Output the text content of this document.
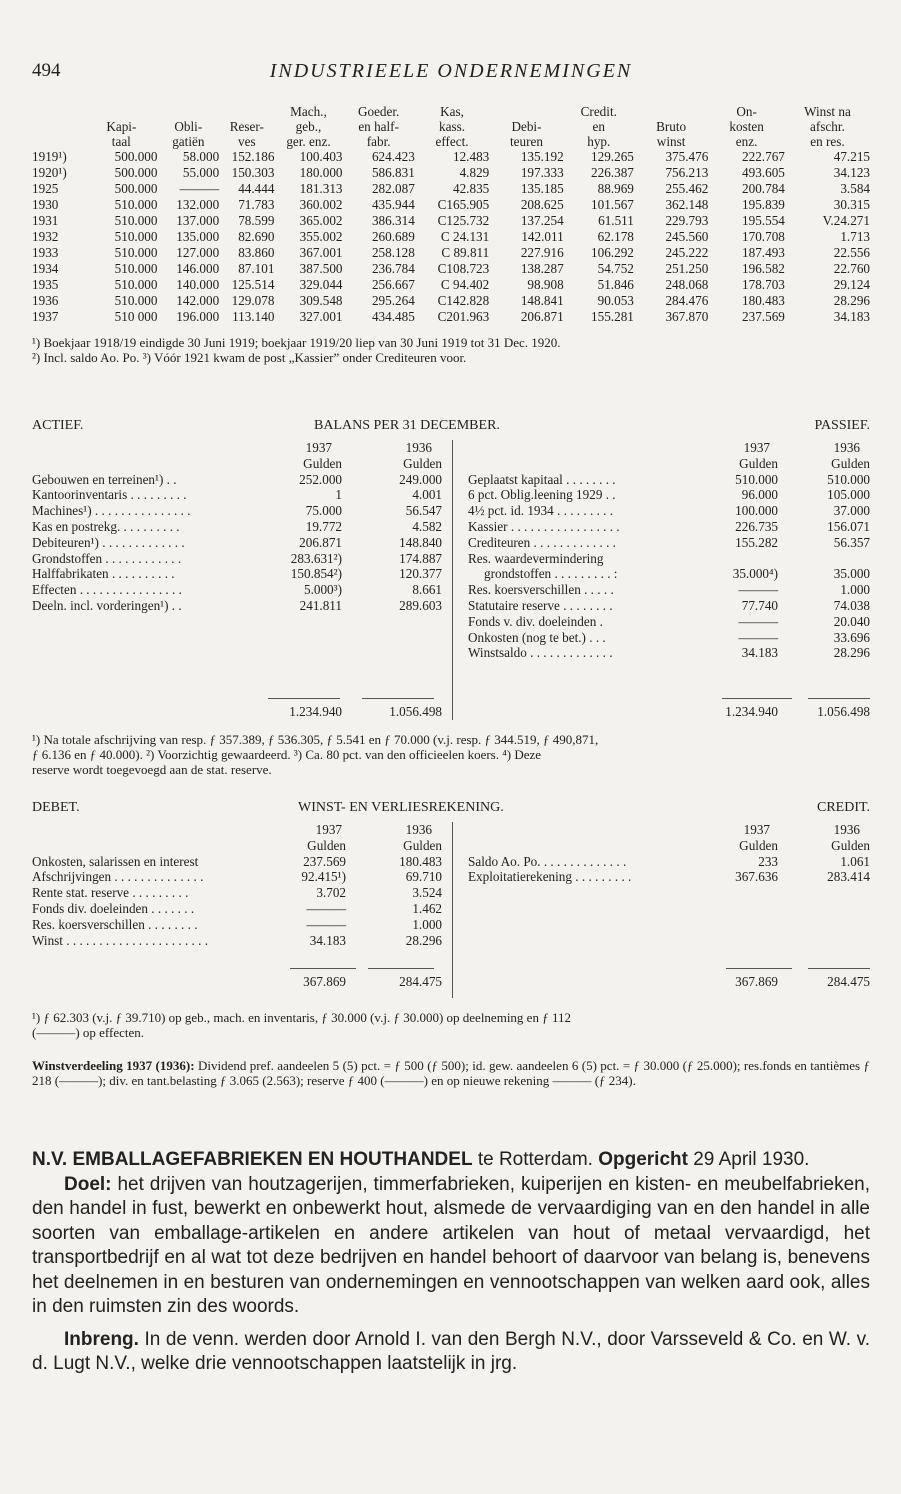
494	INDUSTRIEELE ONDERNEMINGEN
				Mach.,	Goeder.	Kas,		Credit.		On-	Winst na
	Kapi-	Obli-	Reser-	geb.,	en half-	kass.	Debi-	en	Bruto	kosten	afschr.
	taal	gatiën	ves	ger. enz.	fabr.	effect.	teuren	hyp.	winst	enz.	en res.
1919¹)	500.000	58.000	152.186	100.403	624.423	12.483	135.192	129.265	375.476	222.767	47.215
1920¹)	500.000	55.000	150.303	180.000	586.831	4.829	197.333	226.387	756.213	493.605	34.123
1925	500.000	———	44.444	181.313	282.087	42.835	135.185	88.969	255.462	200.784	3.584
1930	510.000	132.000	71.783	360.002	435.944	C165.905	208.625	101.567	362.148	195.839	30.315
1931	510.000	137.000	78.599	365.002	386.314	C125.732	137.254	61.511	229.793	195.554	V.24.271
1932	510.000	135.000	82.690	355.002	260.689	C 24.131	142.011	62.178	245.560	170.708	1.713
1933	510.000	127.000	83.860	367.001	258.128	C 89.811	227.916	106.292	245.222	187.493	22.556
1934	510.000	146.000	87.101	387.500	236.784	C108.723	138.287	54.752	251.250	196.582	22.760
1935	510.000	140.000	125.514	329.044	256.667	C 94.402	98.908	51.846	248.068	178.703	29.124
1936	510.000	142.000	129.078	309.548	295.264	C142.828	148.841	90.053	284.476	180.483	28.296
1937	510 000	196.000	113.140	327.001	434.485	C201.963	206.871	155.281	367.870	237.569	34.183
¹) Boekjaar 1918/19 eindigde 30 Juni 1919; boekjaar 1919/20 liep van 30 Juni 1919 tot 31 Dec. 1920.
²) Incl. saldo Ao. Po. ³) Vóór 1921 kwam de post „Kassier” onder Crediteuren voor.
ACTIEF.	BALANS PER 31 DECEMBER.	PASSIEF.
1937	1936
Gulden	Gulden
Gebouwen en terreinen¹) . .	252.000	249.000
Kantoorinventaris . . . . . . . . .	1	4.001
Machines¹) . . . . . . . . . . . . . . .	75.000	56.547
Kas en postrekg. . . . . . . . . .	19.772	4.582
Debiteuren¹) . . . . . . . . . . . . .	206.871	148.840
Grondstoffen . . . . . . . . . . . .	283.631²)	174.887
Halffabrikaten . . . . . . . . . .	150.854²)	120.377
Effecten . . . . . . . . . . . . . . . .	5.000³)	8.661
Deeln. incl. vorderingen¹) . .	241.811	289.603
1.234.940	1.056.498
1937	1936
Gulden	Gulden
Geplaatst kapitaal . . . . . . . .	510.000	510.000
6 pct. Oblig.leening 1929 . .	96.000	105.000
4½ pct. id. 1934 . . . . . . . . .	100.000	37.000
Kassier . . . . . . . . . . . . . . . . .	226.735	156.071
Crediteuren . . . . . . . . . . . . .	155.282	56.357
Res. waardevermindering
grondstoffen . . . . . . . . . :	35.000⁴)	35.000
Res. koersverschillen . . . . .	———	1.000
Statutaire reserve . . . . . . . .	77.740	74.038
Fonds v. div. doeleinden .	———	20.040
Onkosten (nog te bet.) . . .	———	33.696
Winstsaldo . . . . . . . . . . . . .	34.183	28.296
1.234.940	1.056.498
¹) Na totale afschrijving van resp. ƒ 357.389, ƒ 536.305, ƒ 5.541 en ƒ 70.000 (v.j. resp. ƒ 344.519, ƒ 490,871,
ƒ 6.136 en ƒ 40.000). ²) Voorzichtig gewaardeerd. ³) Ca. 80 pct. van den officieelen koers. ⁴) Deze
reserve wordt toegevoegd aan de stat. reserve.
DEBET.	WINST- EN VERLIESREKENING.	CREDIT.
1937	1936
Gulden	Gulden
Onkosten, salarissen en interest	237.569	180.483
Afschrijvingen . . . . . . . . . . . . . .	92.415¹)	69.710
Rente stat. reserve . . . . . . . . .	3.702	3.524
Fonds div. doeleinden . . . . . . .	———	1.462
Res. koersverschillen . . . . . . . .	———	1.000
Winst . . . . . . . . . . . . . . . . . . . . . .	34.183	28.296
367.869	284.475
1937	1936
Gulden	Gulden
Saldo Ao. Po. . . . . . . . . . . . . .	233	1.061
Exploitatierekening . . . . . . . . .	367.636	283.414
367.869	284.475
¹) ƒ 62.303 (v.j. ƒ 39.710) op geb., mach. en inventaris, ƒ 30.000 (v.j. ƒ 30.000) op deelneming en ƒ 112
(———) op effecten.
Winstverdeeling 1937 (1936): Dividend pref. aandeelen 5 (5) pct. = ƒ 500 (ƒ 500); id. gew. aandeelen 6 (5) pct. = ƒ 30.000 (ƒ 25.000); res.fonds en tantièmes ƒ 218 (———); div. en tant.belasting ƒ 3.065 (2.563); reserve ƒ 400 (———) en op nieuwe rekening ——— (ƒ 234).
N.V. EMBALLAGEFABRIEKEN EN HOUTHANDEL te Rotterdam. Opgericht 29 April 1930.
Doel: het drijven van houtzagerijen, timmerfabrieken, kuiperijen en kisten- en meubelfabrieken, den handel in fust, bewerkt en onbewerkt hout, alsmede de vervaardiging van en den handel in alle soorten van emballage-artikelen en andere artikelen van hout of metaal vervaardigd, het transportbedrijf en al wat tot deze bedrijven en handel behoort of daarvoor van belang is, benevens het deelnemen in en besturen van ondernemingen en vennootschappen van welken aard ook, alles in den ruimsten zin des woords.
Inbreng. In de venn. werden door Arnold I. van den Bergh N.V., door Varsseveld & Co. en W. v. d. Lugt N.V., welke drie vennootschappen laatstelijk in jrg.
